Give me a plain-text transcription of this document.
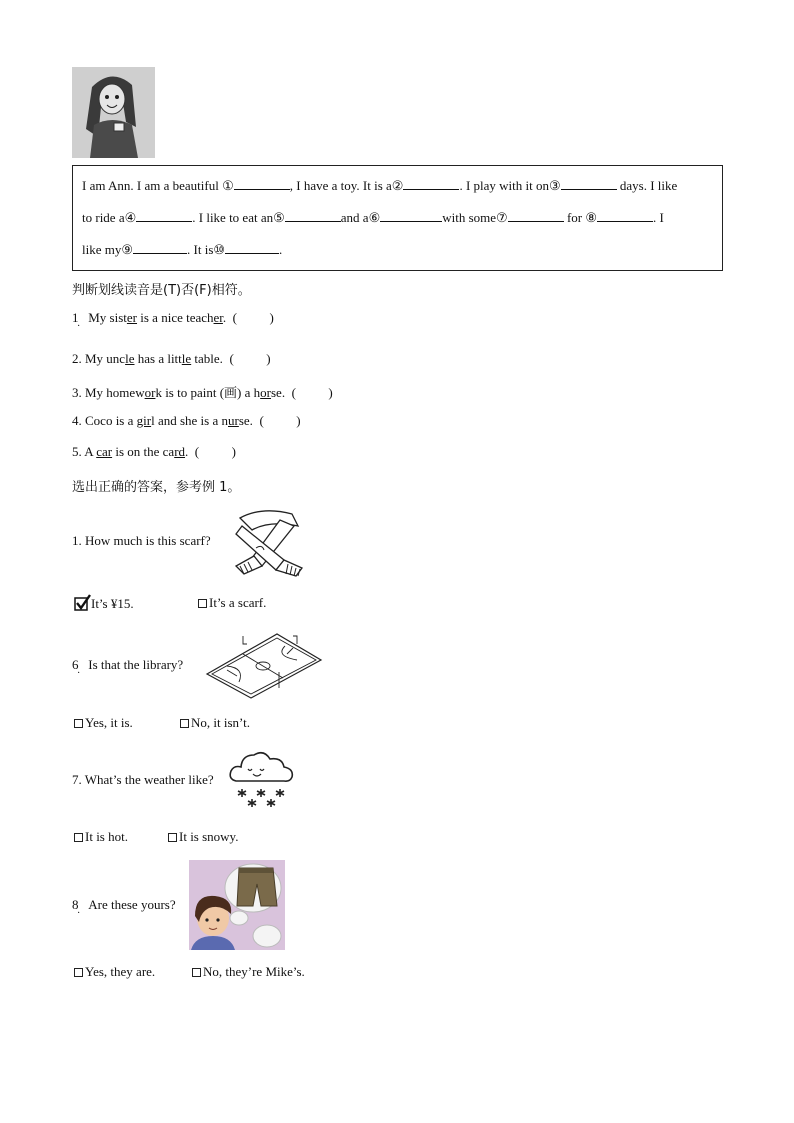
I am Ann. I am a beautiful ①	, I have a toy. It is a②	. I play with it on③	days. I like
to ride a④	. I like to eat an⑤	and a⑥	with some⑦	for ⑧	. I
like my⑨	. It is⑩	.
判断划线读音是(T)否(F)相符。
1 My sister is a nice teacher. (          )
·
2. My uncle has a little table. (          )
3. My homework is to paint (画) a horse. (          )
4. Coco is a girl and she is a nurse. (          )
5. A car is on the card. (          )
选出正确的答案，参考例 1。
1. How much is this scarf?
It’s ¥15.	It’s a scarf.
6 Is that the library?
·
Yes, it is.	No, it isn’t.
7. What’s the weather like?
It is hot.	It is snowy.
8 Are these yours?
·
Yes, they are.	No, they’re Mike’s.
